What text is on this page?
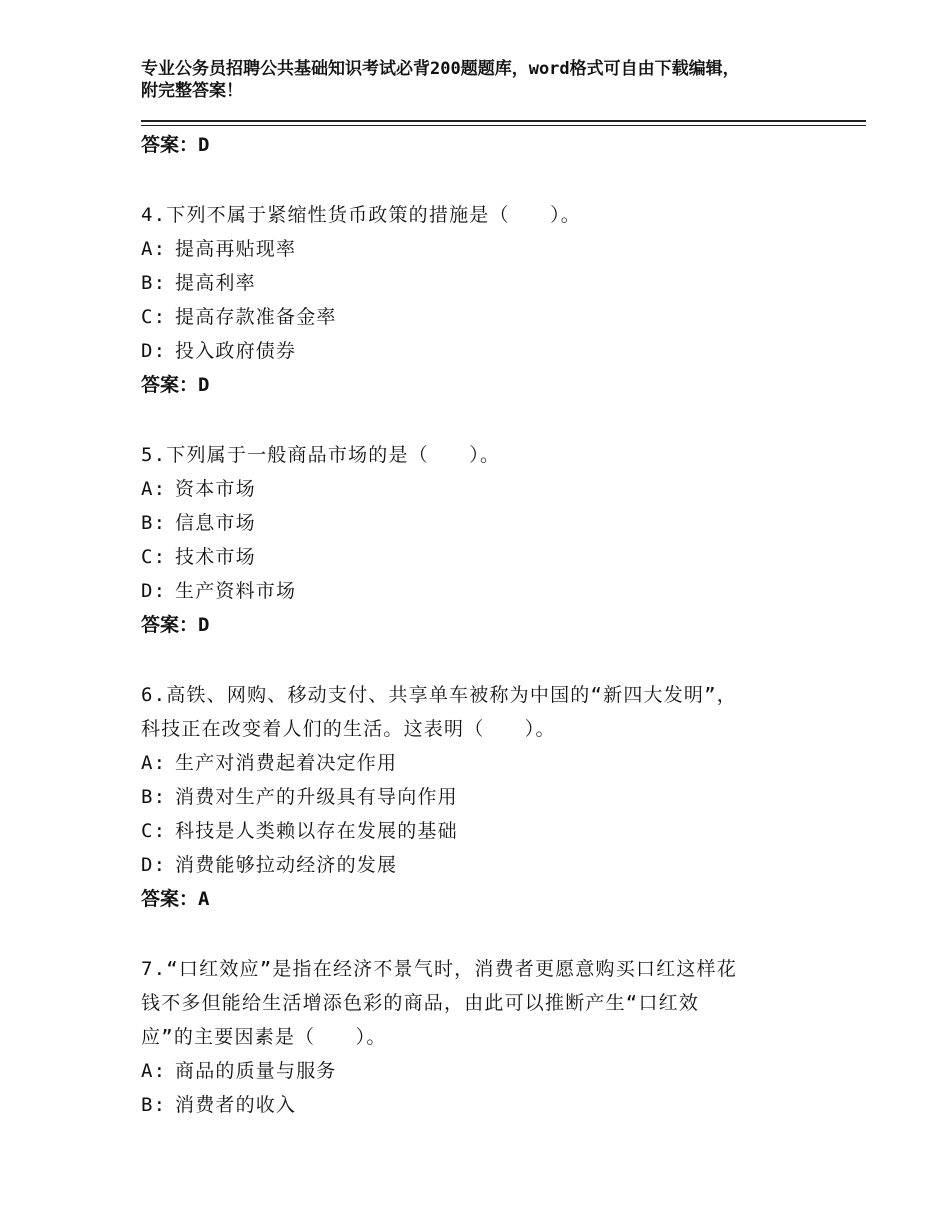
专业公务员招聘公共基础知识考试必背200题题库，word格式可自由下载编辑，
附完整答案！
答案：D
4.下列不属于紧缩性货币政策的措施是（　　）。
A: 提高再贴现率
B: 提高利率
C: 提高存款准备金率
D: 投入政府债券
答案：D
5.下列属于一般商品市场的是（　　）。
A: 资本市场
B: 信息市场
C: 技术市场
D: 生产资料市场
答案：D
6.高铁、网购、移动支付、共享单车被称为中国的“新四大发明”，
科技正在改变着人们的生活。这表明（　　）。
A: 生产对消费起着决定作用
B: 消费对生产的升级具有导向作用
C: 科技是人类赖以存在发展的基础
D: 消费能够拉动经济的发展
答案：A
7.“口红效应”是指在经济不景气时，消费者更愿意购买口红这样花
钱不多但能给生活增添色彩的商品，由此可以推断产生“口红效
应”的主要因素是（　　）。
A: 商品的质量与服务
B: 消费者的收入
